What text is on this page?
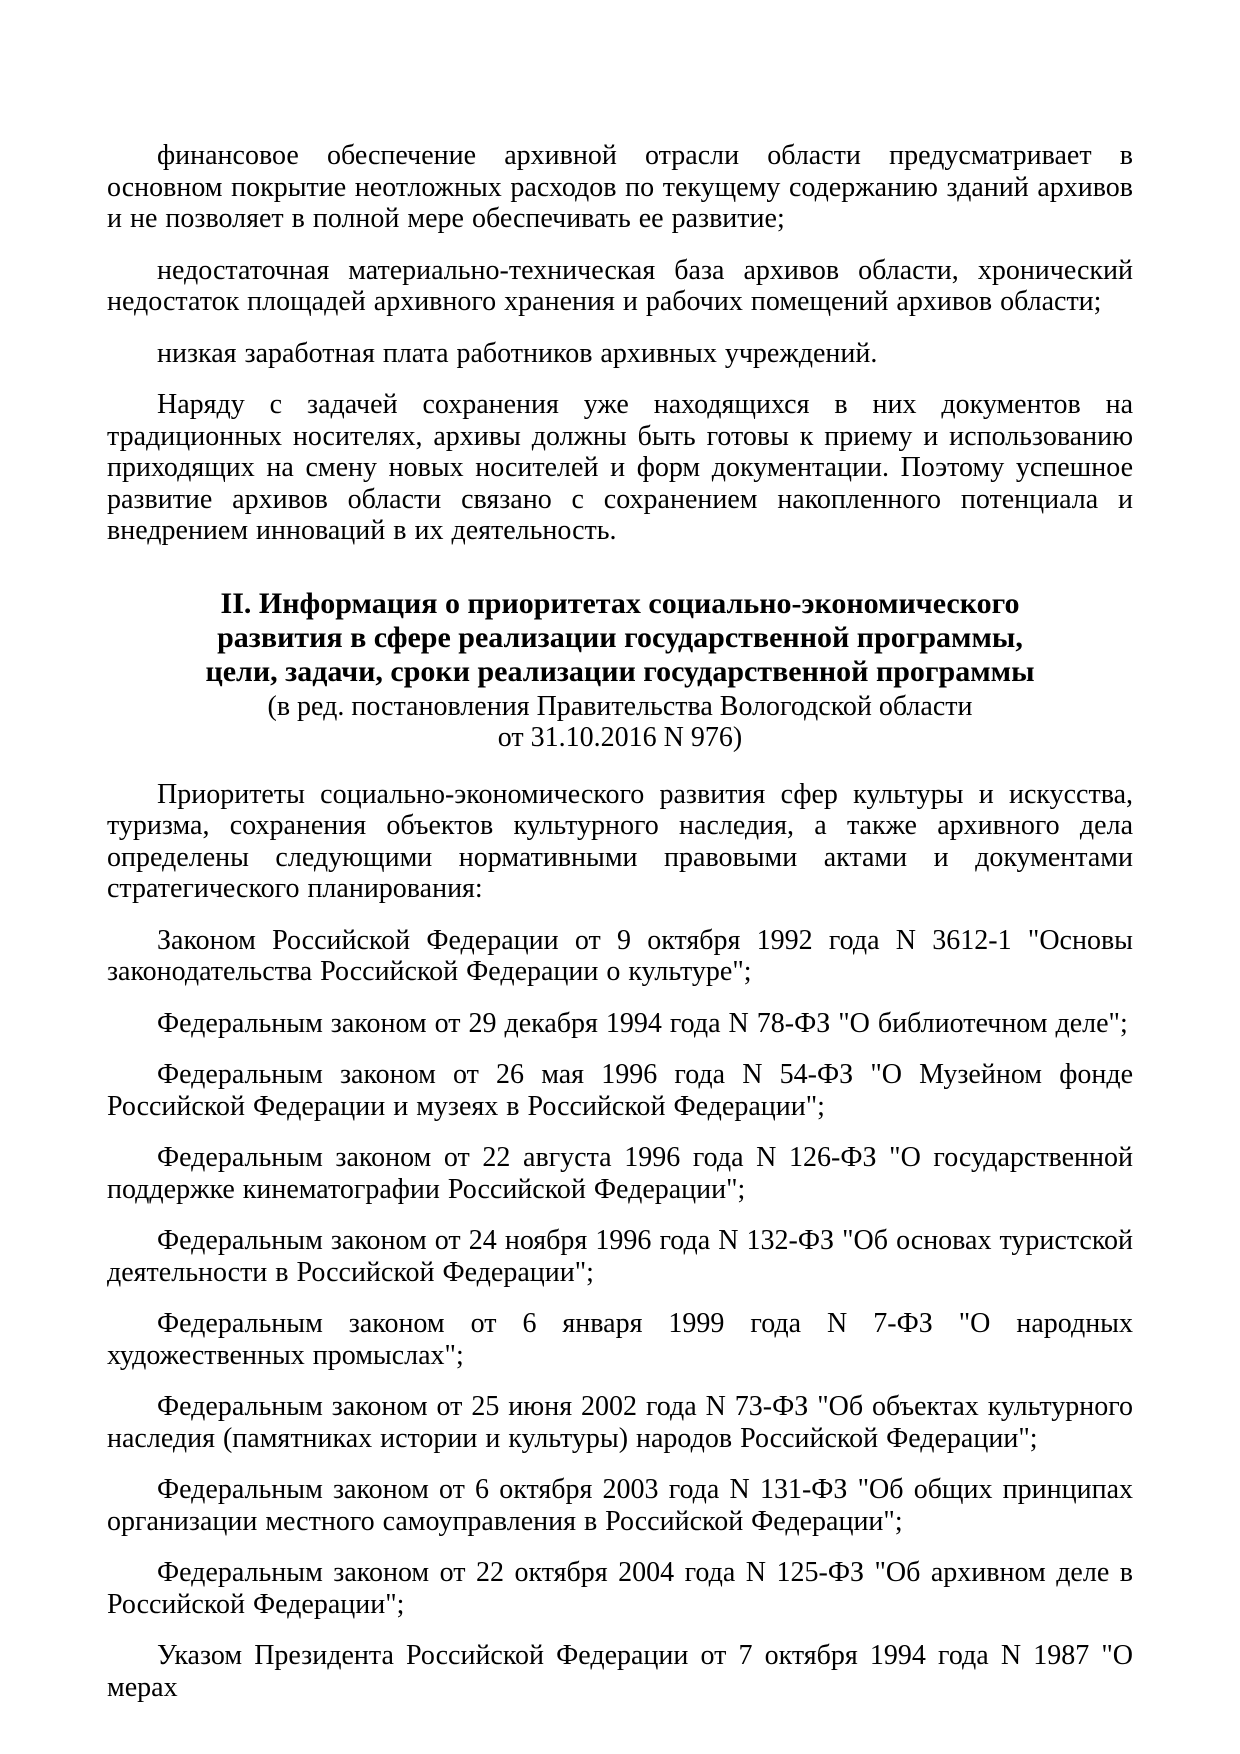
финансовое обеспечение архивной отрасли области предусматривает в основном покрытие неотложных расходов по текущему содержанию зданий архивов и не позволяет в полной мере обеспечивать ее развитие;

недостаточная материально-техническая база архивов области, хронический недостаток площадей архивного хранения и рабочих помещений архивов области;

низкая заработная плата работников архивных учреждений.

Наряду с задачей сохранения уже находящихся в них документов на традиционных носителях, архивы должны быть готовы к приему и использованию приходящих на смену новых носителей и форм документации. Поэтому успешное развитие архивов области связано с сохранением накопленного потенциала и внедрением инноваций в их деятельность.

II. Информация о приоритетах социально-экономического
развития в сфере реализации государственной программы,
цели, задачи, сроки реализации государственной программы
(в ред. постановления Правительства Вологодской области
от 31.10.2016 N 976)

Приоритеты социально-экономического развития сфер культуры и искусства, туризма, сохранения объектов культурного наследия, а также архивного дела определены следующими нормативными правовыми актами и документами стратегического планирования:

Законом Российской Федерации от 9 октября 1992 года N 3612-1 "Основы законодательства Российской Федерации о культуре";

Федеральным законом от 29 декабря 1994 года N 78-ФЗ "О библиотечном деле";

Федеральным законом от 26 мая 1996 года N 54-ФЗ "О Музейном фонде Российской Федерации и музеях в Российской Федерации";

Федеральным законом от 22 августа 1996 года N 126-ФЗ "О государственной поддержке кинематографии Российской Федерации";

Федеральным законом от 24 ноября 1996 года N 132-ФЗ "Об основах туристской деятельности в Российской Федерации";

Федеральным законом от 6 января 1999 года N 7-ФЗ "О народных художественных промыслах";

Федеральным законом от 25 июня 2002 года N 73-ФЗ "Об объектах культурного наследия (памятниках истории и культуры) народов Российской Федерации";

Федеральным законом от 6 октября 2003 года N 131-ФЗ "Об общих принципах организации местного самоуправления в Российской Федерации";

Федеральным законом от 22 октября 2004 года N 125-ФЗ "Об архивном деле в Российской Федерации";

Указом Президента Российской Федерации от 7 октября 1994 года N 1987 "О мерах
